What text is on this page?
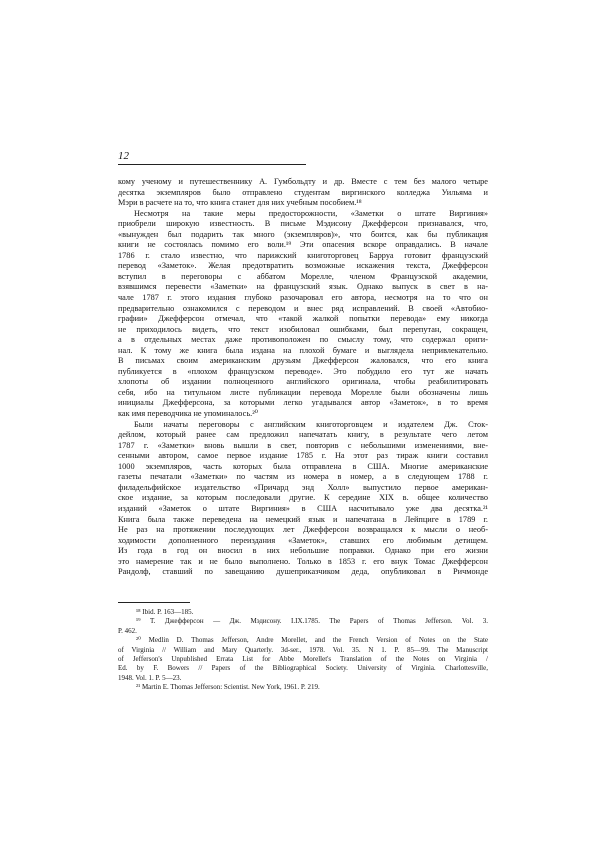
12
кому ученому и путешественнику А. Гумбольдту и др. Вместе с тем без малого четыре
десятка экземпляров было отправлено студентам виргинского колледжа Уильяма и
Мэри в расчете на то, что книга станет для них учебным пособием.¹⁸
Несмотря на такие меры предосторожности, «Заметки о штате Виргиния»
приобрели широкую известность. В письме Мэдисону Джефферсон признавался, что,
«вынужден был подарить так много (экземпляров)», что боится, как бы публикация
книги не состоялась помимо его воли.¹⁹ Эти опасения вскоре оправдались. В начале
1786 г. стало известно, что парижский книготорговец Барруа готовит французский
перевод «Заметок». Желая предотвратить возможные искажения текста, Джефферсон
вступил в переговоры с аббатом Морелле, членом Французской академии,
взявшимся перевести «Заметки» на французский язык. Однако выпуск в свет в на-
чале 1787 г. этого издания глубоко разочаровал его автора, несмотря на то что он
предварительно ознакомился с переводом и внес ряд исправлений. В своей «Автобио-
графии» Джефферсон отмечал, что «такой жалкой попытки перевода» ему никогда
не приходилось видеть, что текст изобиловал ошибками, был перепутан, сокращен,
а в отдельных местах даже противоположен по смыслу тому, что содержал ориги-
нал. К тому же книга была издана на плохой бумаге и выглядела непривлекательно.
В письмах своим американским друзьям Джефферсон жаловался, что его книга
публикуется в «плохом французском переводе». Это побудило его тут же начать
хлопоты об издании полноценного английского оригинала, чтобы реабилитировать
себя, ибо на титульном листе публикации перевода Морелле были обозначены лишь
инициалы Джефферсона, за которыми легко угадывался автор «Заметок», в то время
как имя переводчика не упоминалось.²⁰
Были начаты переговоры с английским книготорговцем и издателем Дж. Сток-
дейлом, который ранее сам предложил напечатать книгу, в результате чего летом
1787 г. «Заметки» вновь вышли в свет, повторив с небольшими изменениями, вне-
сенными автором, самое первое издание 1785 г. На этот раз тираж книги составил
1000 экземпляров, часть которых была отправлена в США. Многие американские
газеты печатали «Заметки» по частям из номера в номер, а в следующем 1788 г.
филадельфийское издательство «Причард энд Холл» выпустило первое американ-
ское издание, за которым последовали другие. К середине XIX в. общее количество
изданий «Заметок о штате Виргиния» в США насчитывало уже два десятка.²¹
Книга была также переведена на немецкий язык и напечатана в Лейпциге в 1789 г.
Не раз на протяжении последующих лет Джефферсон возвращался к мысли о необ-
ходимости дополненного переиздания «Заметок», ставших его любимым детищем.
Из года в год он вносил в них небольшие поправки. Однако при его жизни
это намерение так и не было выполнено. Только в 1853 г. его внук Томас Джефферсон
Рандолф, ставший по завещанию душеприказчиком деда, опубликовал в Ричмонде
¹⁸ Ibid. P. 163—185.
¹⁹ Т. Джефферсон — Дж. Мэдисону. I.IX.1785. The Papers of Thomas Jefferson. Vol. 3.
P. 462.
²⁰ Medlin D. Thomas Jefferson, Andre Morellet, and the French Version of Notes on the State
of Virginia // William and Mary Quarterly. 3d-ser., 1978. Vol. 35. N 1. P. 85—99. The Manuscript
of Jefferson's Unpublished Errata List for Abbe Morellet's Translation of the Notes on Virginia /
Ed. by F. Bowers // Papers of the Bibliographical Society. University of Virginia. Charlottesville,
1948. Vol. 1. P. 5—23.
²¹ Martin E. Thomas Jefferson: Scientist. New York, 1961. P. 219.
